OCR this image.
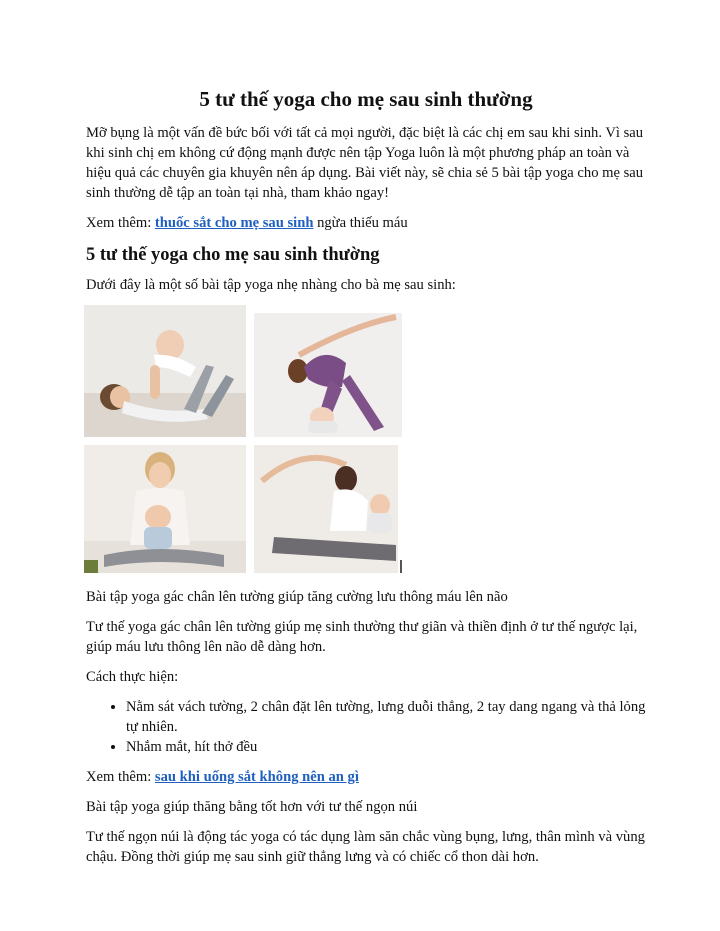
5 tư thế yoga cho mẹ sau sinh thường

Mỡ bụng là một vấn đề bức bối với tất cả mọi người, đặc biệt là các chị em sau khi sinh. Vì sau khi sinh chị em không cứ động mạnh được nên tập Yoga luôn là một phương pháp an toàn và hiệu quả các chuyên gia khuyên nên áp dụng. Bài viết này, sẽ chia sẻ 5 bài tập yoga cho mẹ sau sinh thường dễ tập an toàn tại nhà, tham khảo ngay!

Xem thêm: thuốc sắt cho mẹ sau sinh ngừa thiếu máu

5 tư thế yoga cho mẹ sau sinh thường

Dưới đây là một số bài tập yoga nhẹ nhàng cho bà mẹ sau sinh:

Bài tập yoga gác chân lên tường giúp tăng cường lưu thông máu lên não

Tư thế yoga gác chân lên tường giúp mẹ sinh thường thư giãn và thiền định ở tư thế ngược lại, giúp máu lưu thông lên não dễ dàng hơn.

Cách thực hiện:

• Nằm sát vách tường, 2 chân đặt lên tường, lưng duỗi thẳng, 2 tay dang ngang và thả lỏng tự nhiên.
• Nhắm mắt, hít thở đều

Xem thêm: sau khi uống sắt không nên an gì

Bài tập yoga giúp thăng bằng tốt hơn với tư thế ngọn núi

Tư thế ngọn núi là động tác yoga có tác dụng làm săn chắc vùng bụng, lưng, thân mình và vùng chậu. Đồng thời giúp mẹ sau sinh giữ thẳng lưng và có chiếc cổ thon dài hơn.
